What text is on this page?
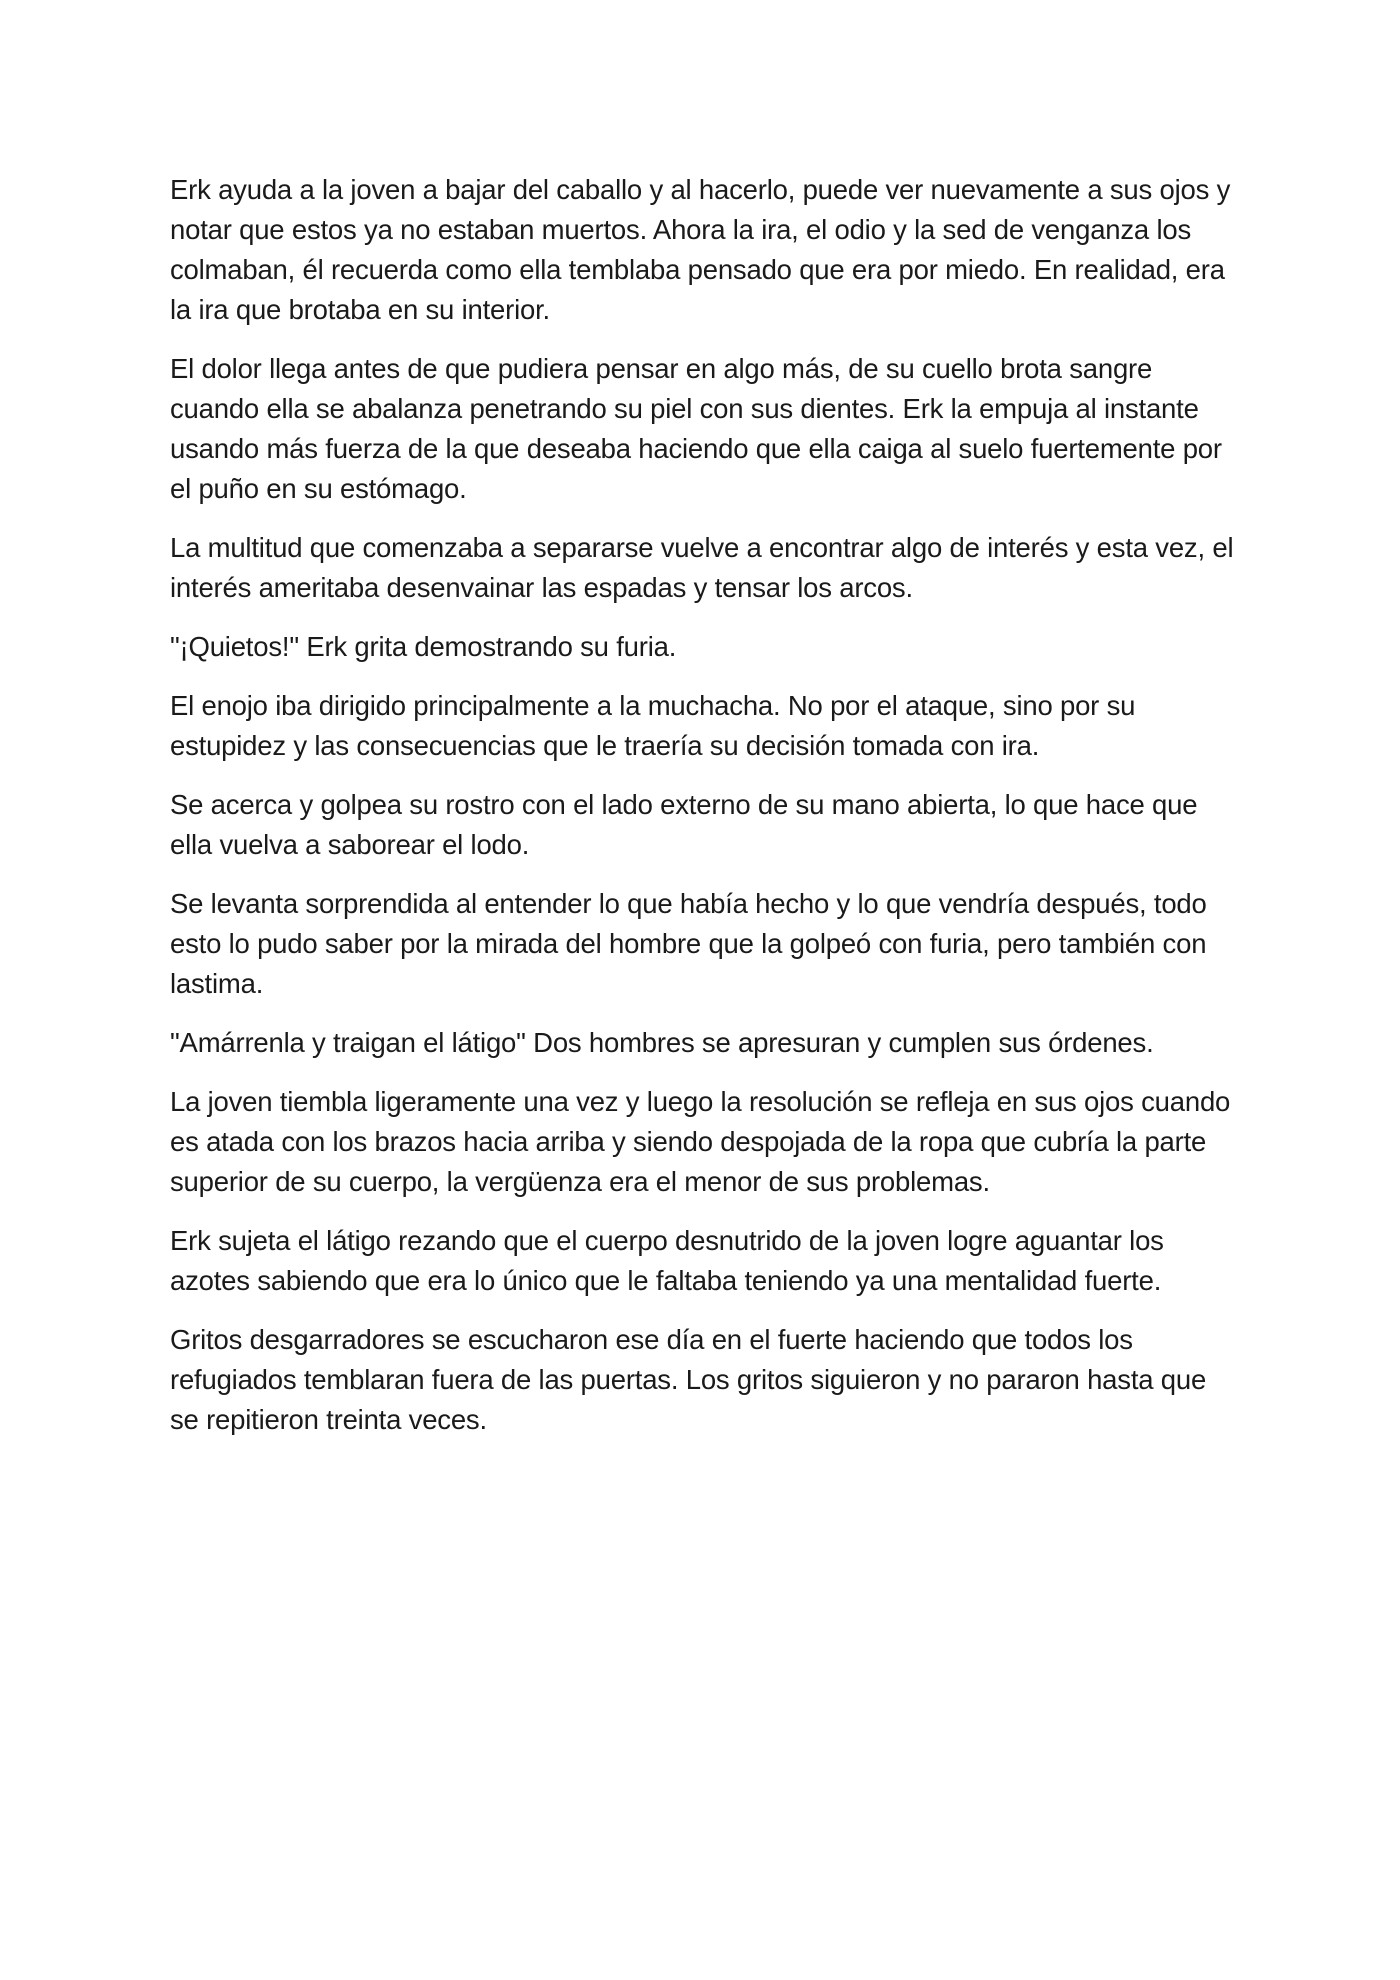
Erk ayuda a la joven a bajar del caballo y al hacerlo, puede ver nuevamente a sus ojos y notar que estos ya no estaban muertos. Ahora la ira, el odio y la sed de venganza los colmaban, él recuerda como ella temblaba pensado que era por miedo. En realidad, era la ira que brotaba en su interior.

El dolor llega antes de que pudiera pensar en algo más, de su cuello brota sangre cuando ella se abalanza penetrando su piel con sus dientes. Erk la empuja al instante usando más fuerza de la que deseaba haciendo que ella caiga al suelo fuertemente por el puño en su estómago.

La multitud que comenzaba a separarse vuelve a encontrar algo de interés y esta vez, el interés ameritaba desenvainar las espadas y tensar los arcos.

"¡Quietos!" Erk grita demostrando su furia.

El enojo iba dirigido principalmente a la muchacha. No por el ataque, sino por su estupidez y las consecuencias que le traería su decisión tomada con ira.

Se acerca y golpea su rostro con el lado externo de su mano abierta, lo que hace que ella vuelva a saborear el lodo.

Se levanta sorprendida al entender lo que había hecho y lo que vendría después, todo esto lo pudo saber por la mirada del hombre que la golpeó con furia, pero también con lastima.

"Amárrenla y traigan el látigo" Dos hombres se apresuran y cumplen sus órdenes.

La joven tiembla ligeramente una vez y luego la resolución se refleja en sus ojos cuando es atada con los brazos hacia arriba y siendo despojada de la ropa que cubría la parte superior de su cuerpo, la vergüenza era el menor de sus problemas.

Erk sujeta el látigo rezando que el cuerpo desnutrido de la joven logre aguantar los azotes sabiendo que era lo único que le faltaba teniendo ya una mentalidad fuerte.

Gritos desgarradores se escucharon ese día en el fuerte haciendo que todos los refugiados temblaran fuera de las puertas. Los gritos siguieron y no pararon hasta que se repitieron treinta veces.
